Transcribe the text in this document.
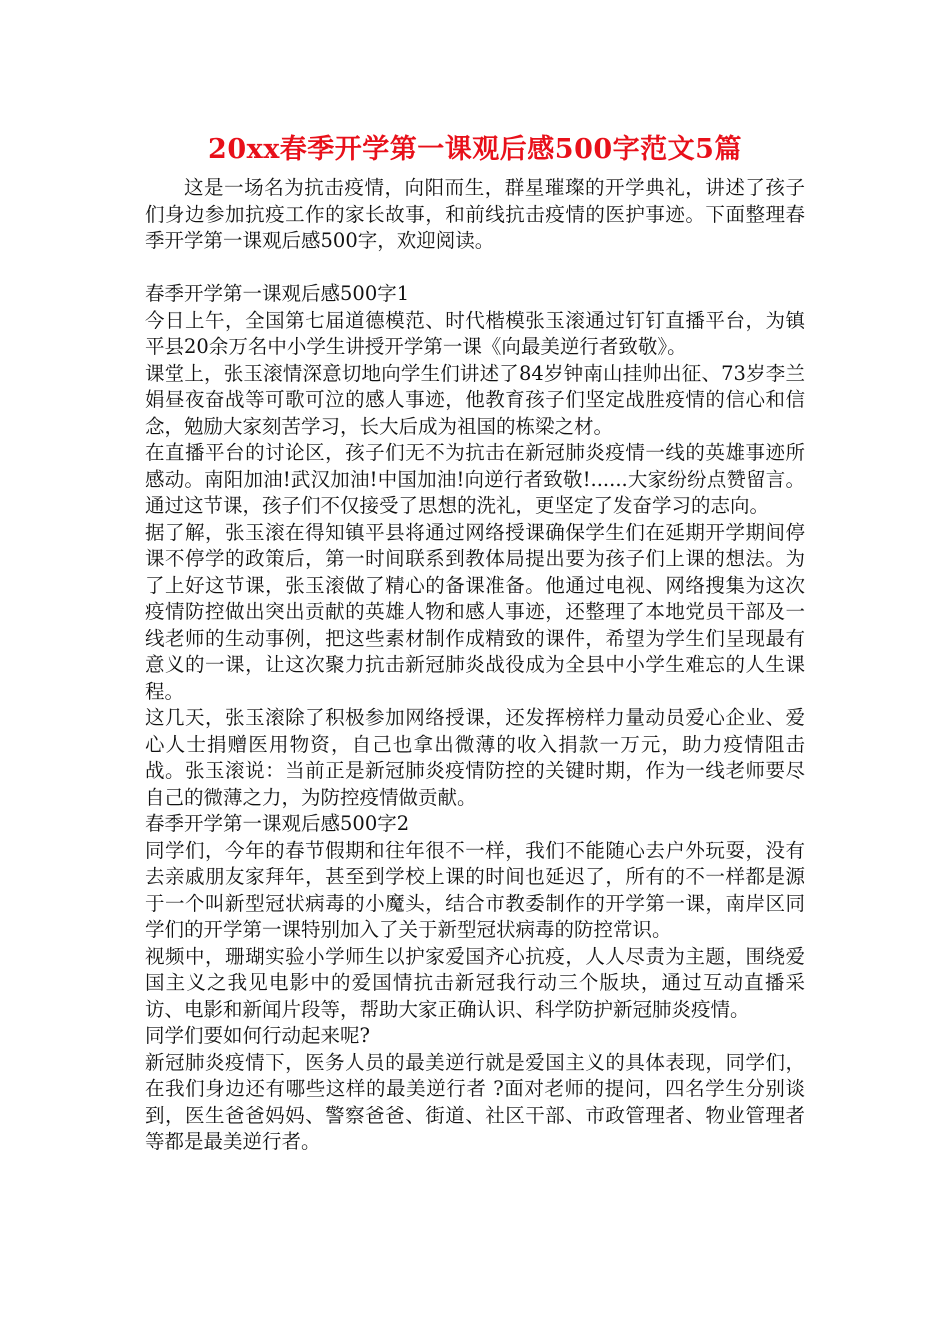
20xx春季开学第一课观后感500字范文5篇

这是一场名为抗击疫情，向阳而生，群星璀璨的开学典礼，讲述了孩子们身边参加抗疫工作的家长故事，和前线抗击疫情的医护事迹。下面整理春季开学第一课观后感500字，欢迎阅读。

春季开学第一课观后感500字1

今日上午，全国第七届道德模范、时代楷模张玉滚通过钉钉直播平台，为镇平县20余万名中小学生讲授开学第一课《向最美逆行者致敬》。

课堂上，张玉滚情深意切地向学生们讲述了84岁钟南山挂帅出征、73岁李兰娟昼夜奋战等可歌可泣的感人事迹，他教育孩子们坚定战胜疫情的信心和信念，勉励大家刻苦学习，长大后成为祖国的栋梁之材。

在直播平台的讨论区，孩子们无不为抗击在新冠肺炎疫情一线的英雄事迹所感动。南阳加油!武汉加油!中国加油!向逆行者致敬!......大家纷纷点赞留言。通过这节课，孩子们不仅接受了思想的洗礼，更坚定了发奋学习的志向。

据了解，张玉滚在得知镇平县将通过网络授课确保学生们在延期开学期间停课不停学的政策后，第一时间联系到教体局提出要为孩子们上课的想法。为了上好这节课，张玉滚做了精心的备课准备。他通过电视、网络搜集为这次疫情防控做出突出贡献的英雄人物和感人事迹，还整理了本地党员干部及一线老师的生动事例，把这些素材制作成精致的课件，希望为学生们呈现最有意义的一课，让这次聚力抗击新冠肺炎战役成为全县中小学生难忘的人生课程。

这几天，张玉滚除了积极参加网络授课，还发挥榜样力量动员爱心企业、爱心人士捐赠医用物资，自己也拿出微薄的收入捐款一万元，助力疫情阻击战。张玉滚说：当前正是新冠肺炎疫情防控的关键时期，作为一线老师要尽自己的微薄之力，为防控疫情做贡献。

春季开学第一课观后感500字2

同学们，今年的春节假期和往年很不一样，我们不能随心去户外玩耍，没有去亲戚朋友家拜年，甚至到学校上课的时间也延迟了，所有的不一样都是源于一个叫新型冠状病毒的小魔头，结合市教委制作的开学第一课，南岸区同学们的开学第一课特别加入了关于新型冠状病毒的防控常识。

视频中，珊瑚实验小学师生以护家爱国齐心抗疫，人人尽责为主题，围绕爱国主义之我见电影中的爱国情抗击新冠我行动三个版块，通过互动直播采访、电影和新闻片段等，帮助大家正确认识、科学防护新冠肺炎疫情。

同学们要如何行动起来呢?

新冠肺炎疫情下，医务人员的最美逆行就是爱国主义的具体表现，同学们，在我们身边还有哪些这样的最美逆行者 ?面对老师的提问，四名学生分别谈到，医生爸爸妈妈、警察爸爸、街道、社区干部、市政管理者、物业管理者等都是最美逆行者。
